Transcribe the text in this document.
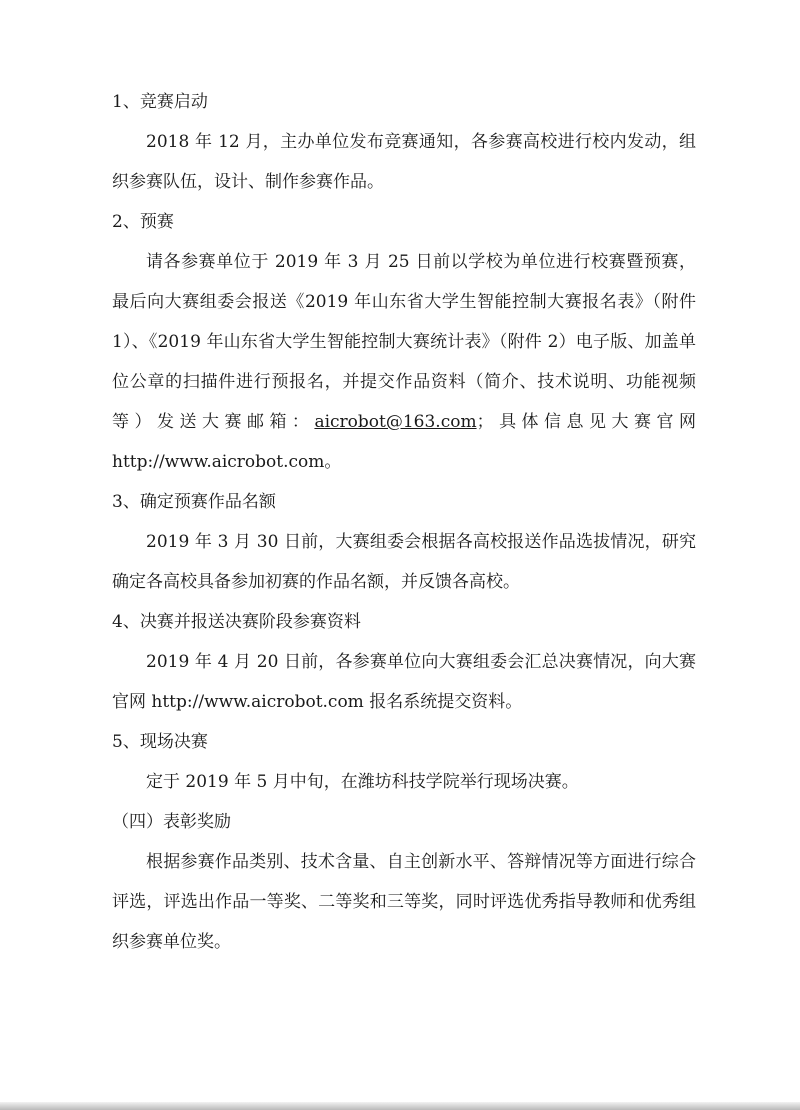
1、竞赛启动

2018 年 12 月，主办单位发布竞赛通知，各参赛高校进行校内发动，组织参赛队伍，设计、制作参赛作品。

2、预赛

请各参赛单位于 2019 年 3 月 25 日前以学校为单位进行校赛暨预赛，最后向大赛组委会报送《2019 年山东省大学生智能控制大赛报名表》（附件 1）、《2019 年山东省大学生智能控制大赛统计表》（附件 2）电子版、加盖单位公章的扫描件进行预报名，并提交作品资料（简介、技术说明、功能视频等）发送大赛邮箱：aicrobot@163.com；具体信息见大赛官网 http://www.aicrobot.com。

3、确定预赛作品名额

2019 年 3 月 30 日前，大赛组委会根据各高校报送作品选拔情况，研究确定各高校具备参加初赛的作品名额，并反馈各高校。

4、决赛并报送决赛阶段参赛资料

2019 年 4 月 20 日前，各参赛单位向大赛组委会汇总决赛情况，向大赛官网 http://www.aicrobot.com 报名系统提交资料。

5、现场决赛

定于 2019 年 5 月中旬，在潍坊科技学院举行现场决赛。

（四）表彰奖励

根据参赛作品类别、技术含量、自主创新水平、答辩情况等方面进行综合评选，评选出作品一等奖、二等奖和三等奖，同时评选优秀指导教师和优秀组织参赛单位奖。
